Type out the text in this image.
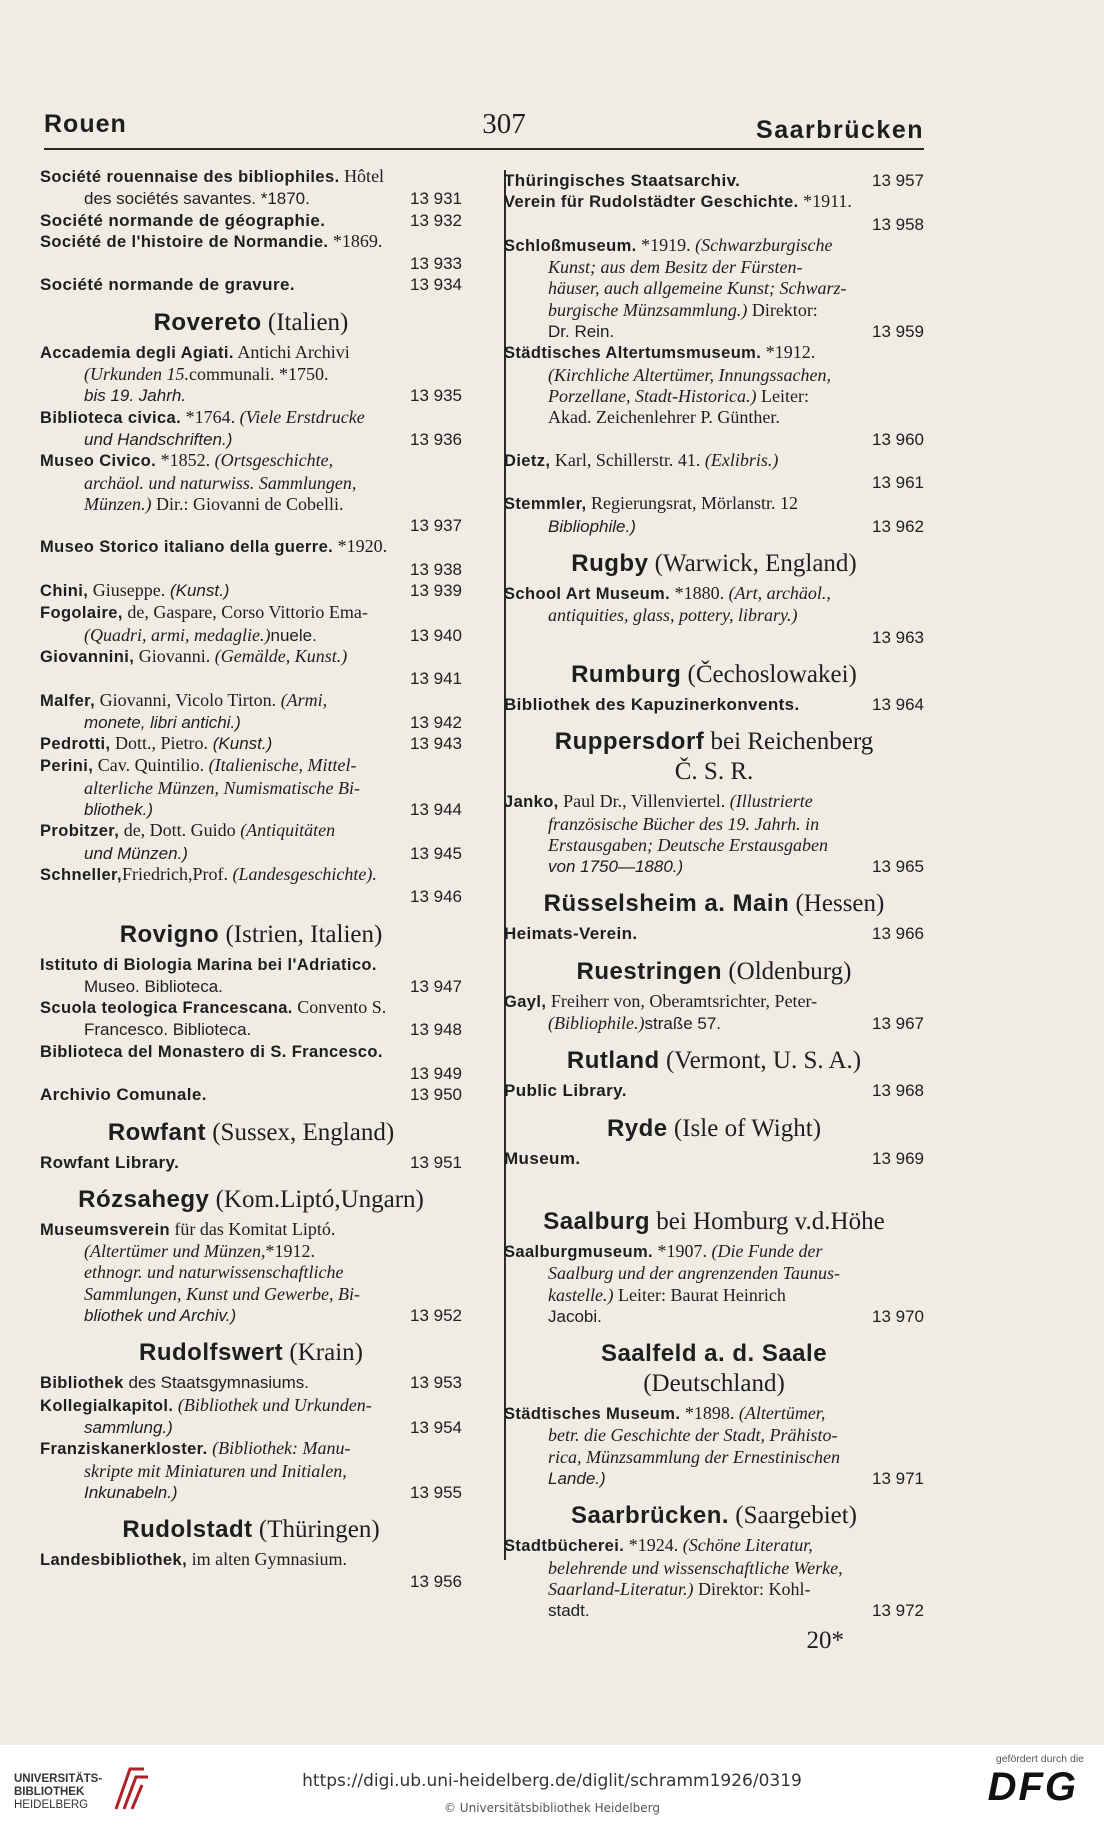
Rouen	307	Saarbrücken
Société rouennaise des bibliophiles. Hôtel
des sociétés savantes. *1870.	13 931
Société normande de géographie.	13 932
Société de l'histoire de Normandie. *1869.
13 933
Société normande de gravure.	13 934
Rovereto (Italien)
Accademia degli Agiati. Antichi Archivi
(Urkunden 15.communali. *1750.
bis 19. Jahrh.	13 935
Biblioteca civica. *1764. (Viele Erstdrucke
und Handschriften.)	13 936
Museo Civico. *1852. (Ortsgeschichte,
archäol. und naturwiss. Sammlungen,
Münzen.) Dir.: Giovanni de Cobelli.
13 937
Museo Storico italiano della guerre. *1920.
13 938
Chini, Giuseppe. (Kunst.)	13 939
Fogolaire, de, Gaspare, Corso Vittorio Ema-
(Quadri, armi, medaglie.)nuele.	13 940
Giovannini, Giovanni. (Gemälde, Kunst.)
13 941
Malfer, Giovanni, Vicolo Tirton. (Armi,
monete, libri antichi.)	13 942
Pedrotti, Dott., Pietro. (Kunst.)	13 943
Perini, Cav. Quintilio. (Italienische, Mittel-
alterliche Münzen, Numismatische Bi-
bliothek.)	13 944
Probitzer, de, Dott. Guido (Antiquitäten
und Münzen.)	13 945
Schneller,Friedrich,Prof. (Landesgeschichte).
13 946
Rovigno (Istrien, Italien)
Istituto di Biologia Marina bei l'Adriatico.
Museo. Biblioteca.	13 947
Scuola teologica Francescana. Convento S.
Francesco. Biblioteca.	13 948
Biblioteca del Monastero di S. Francesco.
13 949
Archivio Comunale.	13 950
Rowfant (Sussex, England)
Rowfant Library.	13 951
Rózsahegy (Kom.Liptó,Ungarn)
Museumsverein für das Komitat Liptó.
(Altertümer und Münzen,*1912.
ethnogr. und naturwissenschaftliche
Sammlungen, Kunst und Gewerbe, Bi-
bliothek und Archiv.)	13 952
Rudolfswert (Krain)
Bibliothek des Staatsgymnasiums.	13 953
Kollegialkapitol. (Bibliothek und Urkunden-
sammlung.)	13 954
Franziskanerkloster. (Bibliothek: Manu-
skripte mit Miniaturen und Initialen,
Inkunabeln.)	13 955
Rudolstadt (Thüringen)
Landesbibliothek, im alten Gymnasium.
13 956
Thüringisches Staatsarchiv.	13 957
Verein für Rudolstädter Geschichte. *1911.
13 958
Schloßmuseum. *1919. (Schwarzburgische
Kunst; aus dem Besitz der Fürsten-
häuser, auch allgemeine Kunst; Schwarz-
burgische Münzsammlung.) Direktor:
Dr. Rein.	13 959
Städtisches Altertumsmuseum. *1912.
(Kirchliche Altertümer, Innungssachen,
Porzellane, Stadt-Historica.) Leiter:
Akad. Zeichenlehrer P. Günther.
13 960
Dietz, Karl, Schillerstr. 41. (Exlibris.)
13 961
Stemmler, Regierungsrat, Mörlanstr. 12
Bibliophile.)	13 962
Rugby (Warwick, England)
School Art Museum. *1880. (Art, archäol.,
antiquities, glass, pottery, library.)
13 963
Rumburg (Čechoslowakei)
Bibliothek des Kapuzinerkonvents.	13 964
Ruppersdorf bei Reichenberg
Č. S. R.
Janko, Paul Dr., Villenviertel. (Illustrierte
französische Bücher des 19. Jahrh. in
Erstausgaben; Deutsche Erstausgaben
von 1750—1880.)	13 965
Rüsselsheim a. Main (Hessen)
Heimats-Verein.	13 966
Ruestringen (Oldenburg)
Gayl, Freiherr von, Oberamtsrichter, Peter-
(Bibliophile.)straße 57.	13 967
Rutland (Vermont, U. S. A.)
Public Library.	13 968
Ryde (Isle of Wight)
Museum.	13 969
Saalburg bei Homburg v.d.Höhe
Saalburgmuseum. *1907. (Die Funde der
Saalburg und der angrenzenden Taunus-
kastelle.) Leiter: Baurat Heinrich
Jacobi.	13 970
Saalfeld a. d. Saale
(Deutschland)
Städtisches Museum. *1898. (Altertümer,
betr. die Geschichte der Stadt, Prähisto-
rica, Münzsammlung der Ernestinischen
Lande.)	13 971
Saarbrücken. (Saargebiet)
Stadtbücherei. *1924. (Schöne Literatur,
belehrende und wissenschaftliche Werke,
Saarland-Literatur.) Direktor: Kohl-
stadt.	13 972
20*
UNIVERSITÄTS-
BIBLIOTHEK
HEIDELBERG
https://digi.ub.uni-heidelberg.de/diglit/schramm1926/0319
© Universitätsbibliothek Heidelberg
gefördert durch die
DFG
